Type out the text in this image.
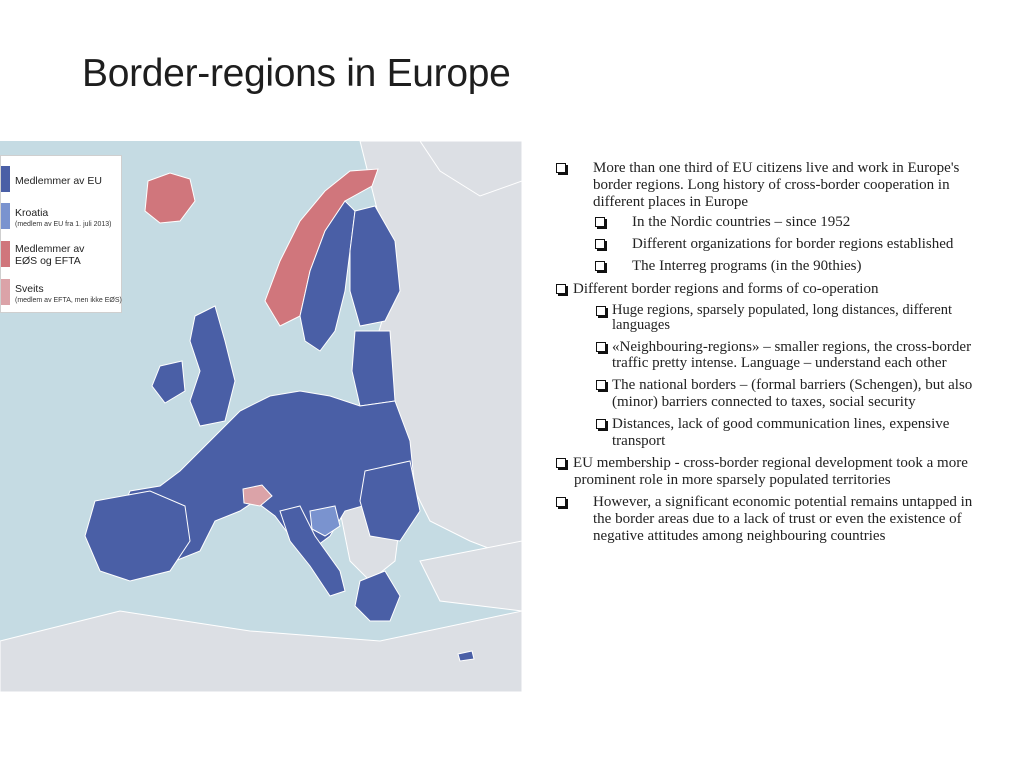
Border-regions in Europe
Medlemmer av EU
Kroatia
(medlem av EU fra 1. juli 2013)
Medlemmer av
EØS og EFTA
Sveits
(medlem av EFTA, men ikke EØS)
More than one third of EU citizens live and work in Europe's border regions. Long history of cross-border cooperation in different places in Europe
In the Nordic countries – since 1952
Different organizations for border regions established
The Interreg programs (in the 90thies)
Different border regions and forms of co-operation
Huge regions, sparsely populated, long distances, different languages
«Neighbouring-regions» – smaller regions, the cross-border traffic pretty intense. Language – understand each other
The national borders – (formal barriers (Schengen), but also (minor) barriers connected to taxes, social security
Distances, lack of good communication lines, expensive transport
EU membership - cross-border regional development took a more prominent role in more sparsely populated territories
However, a significant economic potential remains untapped in the border areas due to a lack of trust or even the existence of negative attitudes among neighbouring countries
